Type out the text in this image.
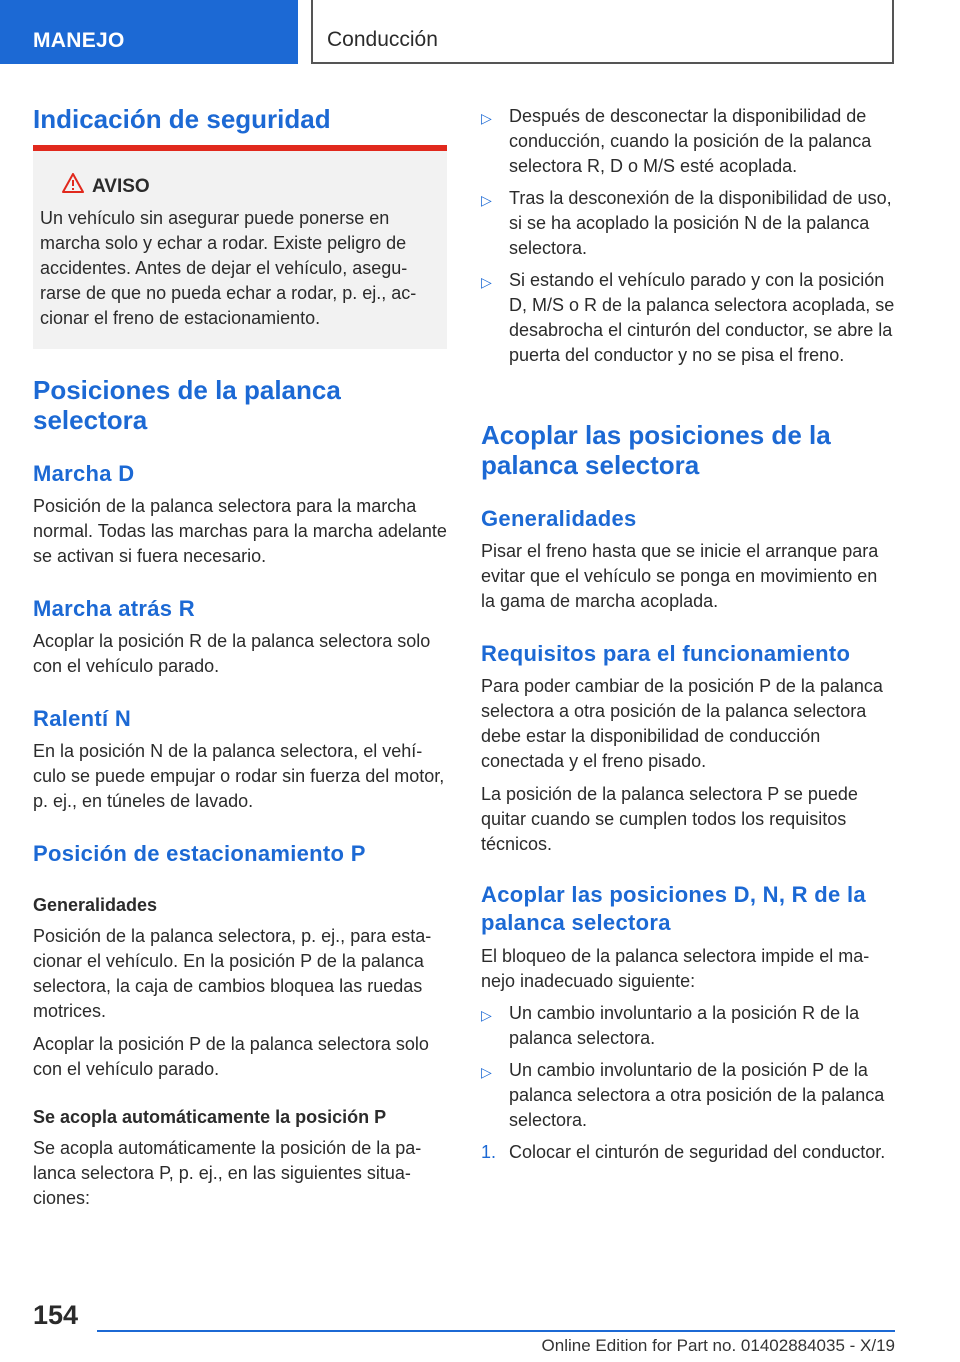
MANEJO	Conducción
Indicación de seguridad
AVISO

Un vehículo sin asegurar puede ponerse en marcha solo y echar a rodar. Existe peligro de accidentes. Antes de dejar el vehículo, asegurarse de que no pueda echar a rodar, p. ej., accionar el freno de estacionamiento.

Posiciones de la palanca selectora
Marcha D

Posición de la palanca selectora para la marcha normal. Todas las marchas para la marcha adelante se activan si fuera necesario.

Marcha atrás R

Acoplar la posición R de la palanca selectora solo con el vehículo parado.

Ralentí N

En la posición N de la palanca selectora, el vehículo se puede empujar o rodar sin fuerza del motor, p. ej., en túneles de lavado.

Posición de estacionamiento P
Generalidades

Posición de la palanca selectora, p. ej., para estacionar el vehículo. En la posición P de la palanca selectora, la caja de cambios bloquea las ruedas motrices.

Acoplar la posición P de la palanca selectora solo con el vehículo parado.

Se acopla automáticamente la posición P

Se acopla automáticamente la posición de la palanca selectora P, p. ej., en las siguientes situaciones:

▷ Después de desconectar la disponibilidad de conducción, cuando la posición de la palanca selectora R, D o M/S esté acoplada.
▷ Tras la desconexión de la disponibilidad de uso, si se ha acoplado la posición N de la palanca selectora.
▷ Si estando el vehículo parado y con la posición D, M/S o R de la palanca selectora acoplada, se desabrocha el cinturón del conductor, se abre la puerta del conductor y no se pisa el freno.
Acoplar las posiciones de la palanca selectora
Generalidades

Pisar el freno hasta que se inicie el arranque para evitar que el vehículo se ponga en movimiento en la gama de marcha acoplada.

Requisitos para el funcionamiento

Para poder cambiar de la posición P de la palanca selectora a otra posición de la palanca selectora debe estar la disponibilidad de conducción conectada y el freno pisado.

La posición de la palanca selectora P se puede quitar cuando se cumplen todos los requisitos técnicos.

Acoplar las posiciones D, N, R de la palanca selectora

El bloqueo de la palanca selectora impide el manejo inadecuado siguiente:

▷ Un cambio involuntario a la posición R de la palanca selectora.
▷ Un cambio involuntario de la posición P de la palanca selectora a otra posición de la palanca selectora.
1. Colocar el cinturón de seguridad del conductor.
154
Online Edition for Part no. 01402884035 - X/19
